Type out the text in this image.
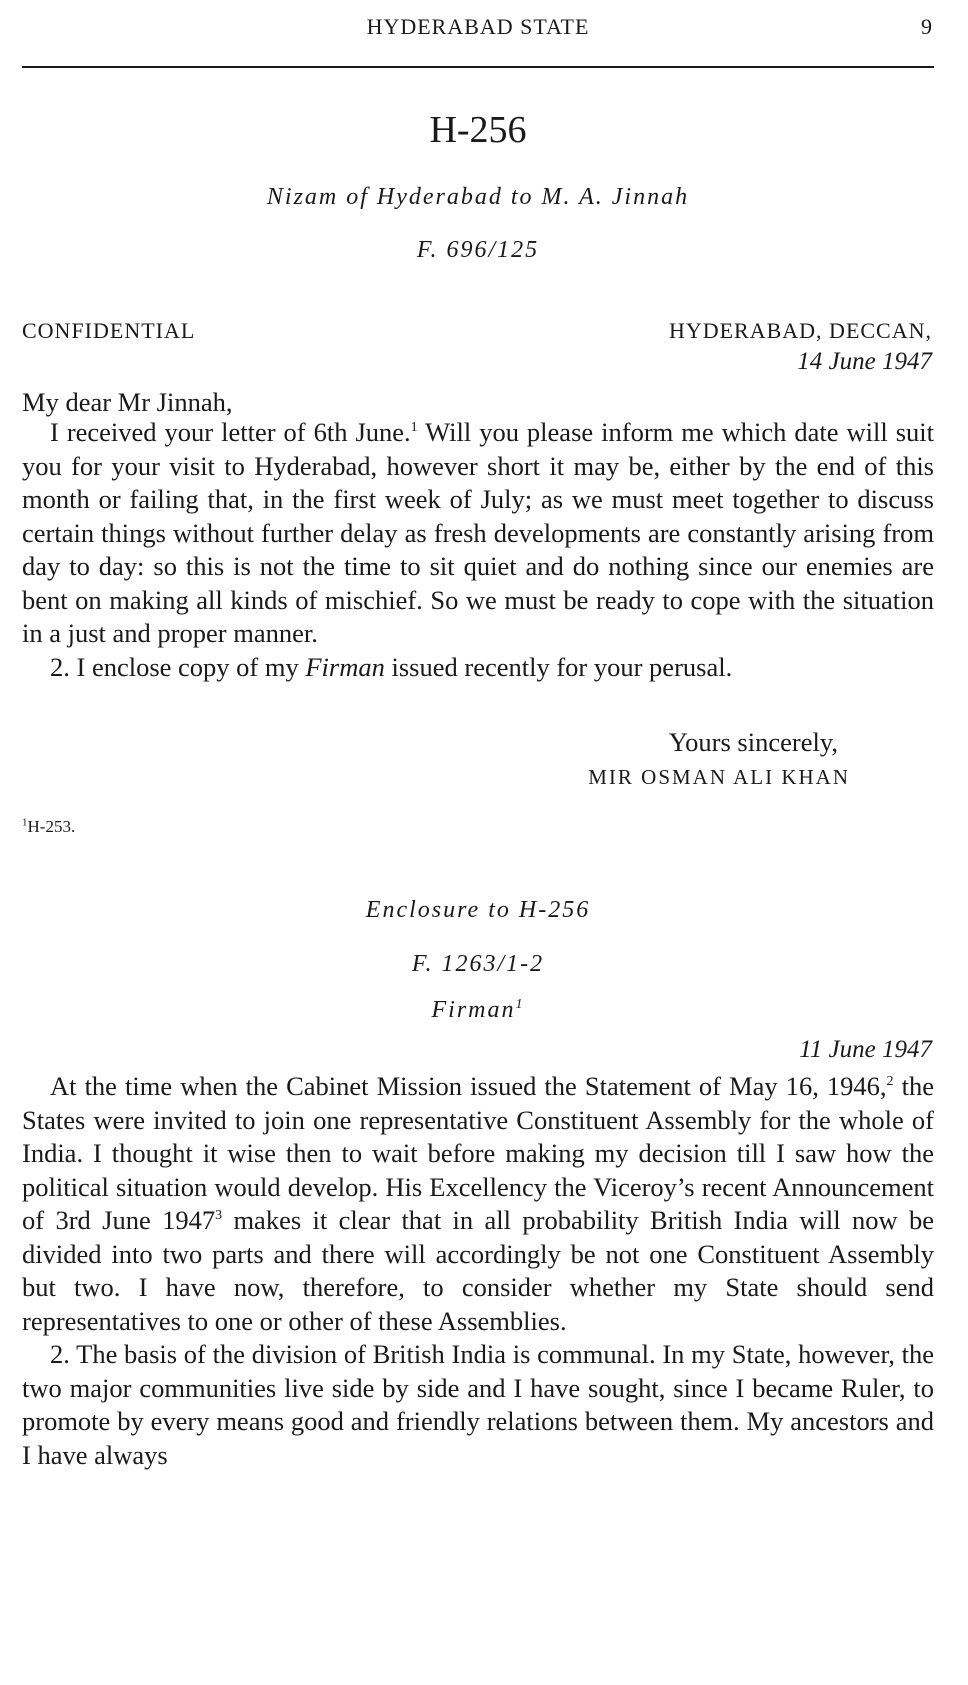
HYDERABAD STATE	9
H-256
Nizam of Hyderabad to M. A. Jinnah
F. 696/125
CONFIDENTIAL	HYDERABAD, DECCAN,
14 June 1947
My dear Mr Jinnah,

I received your letter of 6th June.$^1$ Will you please inform me which date will suit you for your visit to Hyderabad, however short it may be, either by the end of this month or failing that, in the first week of July; as we must meet together to discuss certain things without further delay as fresh developments are constantly arising from day to day: so this is not the time to sit quiet and do nothing since our enemies are bent on making all kinds of mischief. So we must be ready to cope with the situation in a just and proper manner.

2. I enclose copy of my Firman issued recently for your perusal.

Yours sincerely,
MIR OSMAN ALI KHAN
$^1$H-253.
Enclosure to H-256
F. 1263/1-2
Firman$^1$
11 June 1947

At the time when the Cabinet Mission issued the Statement of May 16, 1946,$^2$ the States were invited to join one representative Constituent Assembly for the whole of India. I thought it wise then to wait before making my decision till I saw how the political situation would develop. His Excellency the Viceroy’s recent Announcement of 3rd June 1947$^3$ makes it clear that in all probability British India will now be divided into two parts and there will accordingly be not one Constituent Assembly but two. I have now, therefore, to consider whether my State should send representatives to one or other of these Assemblies.

2. The basis of the division of British India is communal. In my State, however, the two major communities live side by side and I have sought, since I became Ruler, to promote by every means good and friendly relations between them. My ancestors and I have always
